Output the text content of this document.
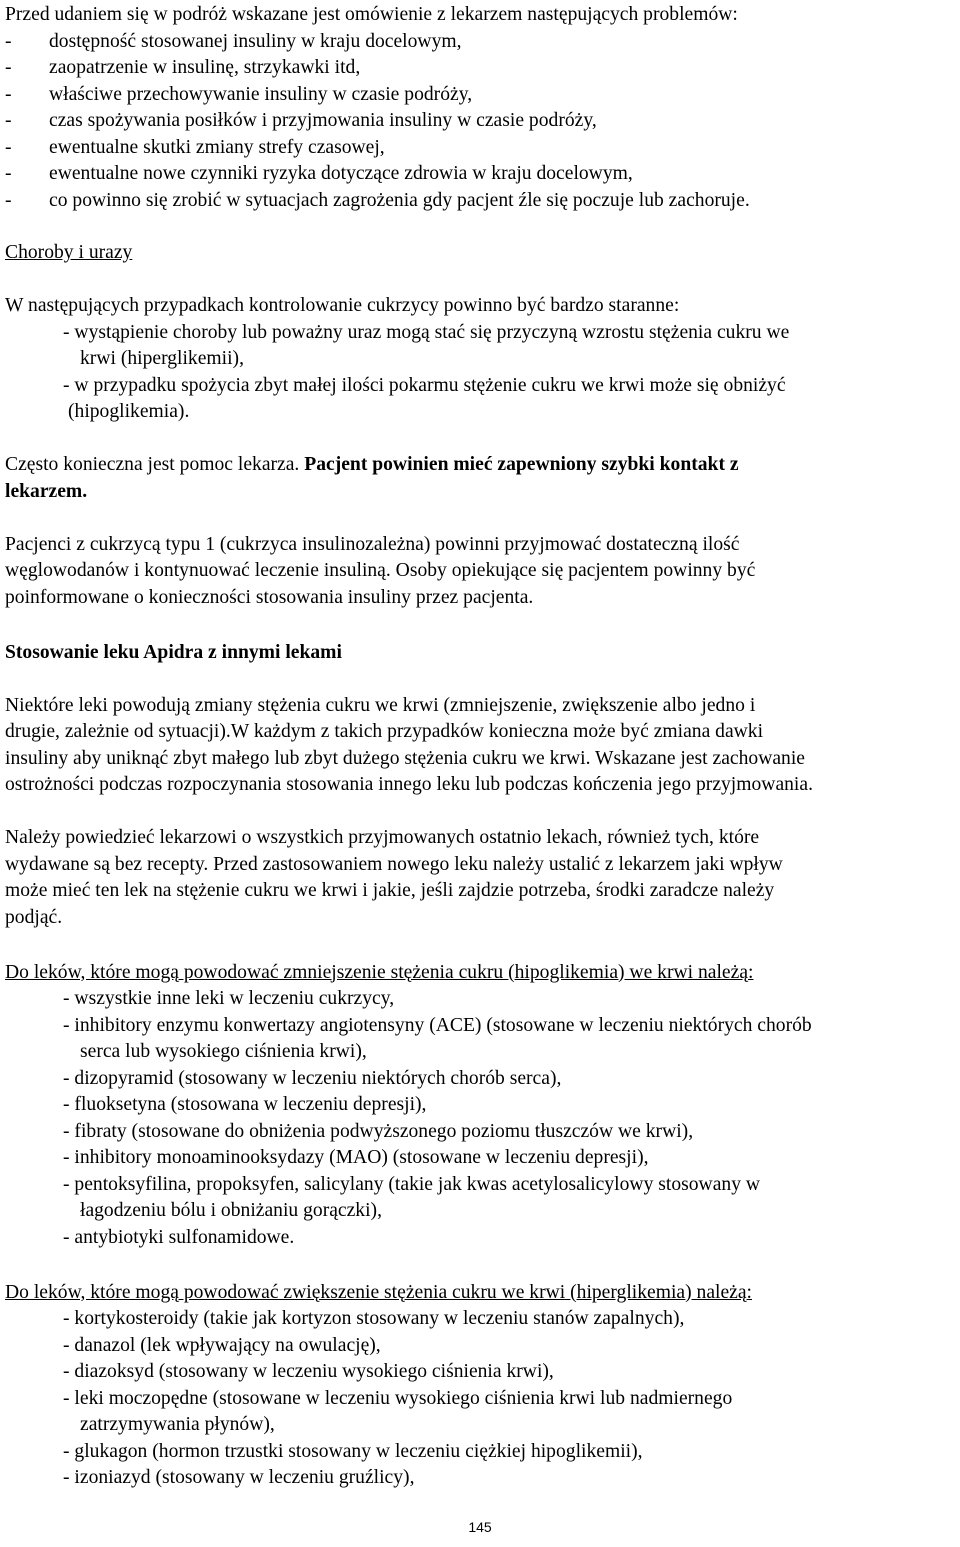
Przed udaniem się w podróż wskazane jest omówienie z lekarzem następujących problemów:
- dostępność stosowanej insuliny w kraju docelowym,
- zaopatrzenie w insulinę, strzykawki itd,
- właściwe przechowywanie insuliny w czasie podróży,
- czas spożywania posiłków i przyjmowania insuliny w czasie podróży,
- ewentualne skutki zmiany strefy czasowej,
- ewentualne nowe czynniki ryzyka dotyczące zdrowia w kraju docelowym,
- co powinno się zrobić w sytuacjach zagrożenia gdy pacjent źle się poczuje lub zachoruje.
Choroby i urazy
W następujących przypadkach kontrolowanie cukrzycy powinno być bardzo staranne:
- wystąpienie choroby lub poważny uraz mogą stać się przyczyną wzrostu stężenia cukru we
krwi (hiperglikemii),
- w przypadku spożycia zbyt małej ilości pokarmu stężenie cukru we krwi może się obniżyć
(hipoglikemia).
Często konieczna jest pomoc lekarza. Pacjent powinien mieć zapewniony szybki kontakt z
lekarzem.
Pacjenci z cukrzycą typu 1 (cukrzyca insulinozależna) powinni przyjmować dostateczną ilość
węglowodanów i kontynuować leczenie insuliną. Osoby opiekujące się pacjentem powinny być
poinformowane o konieczności stosowania insuliny przez pacjenta.
Stosowanie leku Apidra z innymi lekami
Niektóre leki powodują zmiany stężenia cukru we krwi (zmniejszenie, zwiększenie albo jedno i
drugie, zależnie od sytuacji).W każdym z takich przypadków konieczna może być zmiana dawki
insuliny aby uniknąć zbyt małego lub zbyt dużego stężenia cukru we krwi. Wskazane jest zachowanie
ostrożności podczas rozpoczynania stosowania innego leku lub podczas kończenia jego przyjmowania.
Należy powiedzieć lekarzowi o wszystkich przyjmowanych ostatnio lekach, również tych, które
wydawane są bez recepty. Przed zastosowaniem nowego leku należy ustalić z lekarzem jaki wpływ
może mieć ten lek na stężenie cukru we krwi i jakie, jeśli zajdzie potrzeba, środki zaradcze należy
podjąć.
Do leków, które mogą powodować zmniejszenie stężenia cukru (hipoglikemia) we krwi należą:
- wszystkie inne leki w leczeniu cukrzycy,
- inhibitory enzymu konwertazy angiotensyny (ACE) (stosowane w leczeniu niektórych chorób
serca lub wysokiego ciśnienia krwi),
- dizopyramid (stosowany w leczeniu niektórych chorób serca),
- fluoksetyna (stosowana w leczeniu depresji),
- fibraty (stosowane do obniżenia podwyższonego poziomu tłuszczów we krwi),
- inhibitory monoaminooksydazy (MAO) (stosowane w leczeniu depresji),
- pentoksyfilina, propoksyfen, salicylany (takie jak kwas acetylosalicylowy stosowany w
łagodzeniu bólu i obniżaniu gorączki),
- antybiotyki sulfonamidowe.
Do leków, które mogą powodować zwiększenie stężenia cukru we krwi (hiperglikemia) należą:
- kortykosteroidy (takie jak kortyzon stosowany w leczeniu stanów zapalnych),
- danazol (lek wpływający na owulację),
- diazoksyd (stosowany w leczeniu wysokiego ciśnienia krwi),
- leki moczopędne (stosowane w leczeniu wysokiego ciśnienia krwi lub nadmiernego
zatrzymywania płynów),
- glukagon (hormon trzustki stosowany w leczeniu ciężkiej hipoglikemii),
- izoniazyd (stosowany w leczeniu gruźlicy),
145
